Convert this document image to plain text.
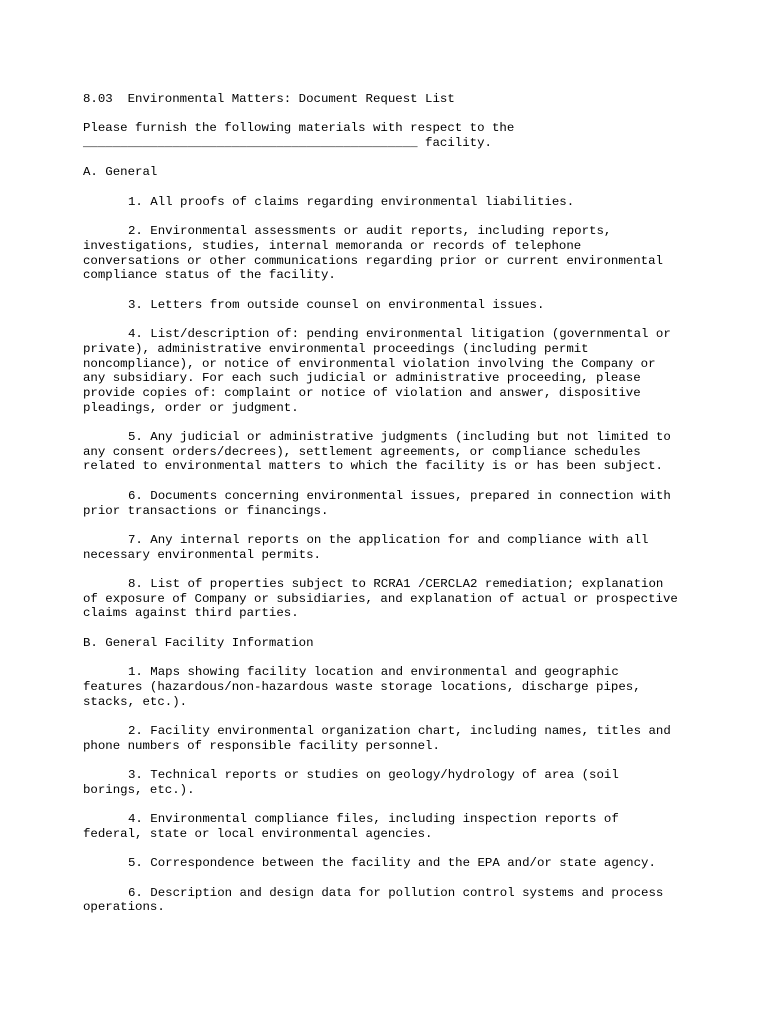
8.03  Environmental Matters: Document Request List
Please furnish the following materials with respect to the
_____________________________________________ facility.
A. General
1. All proofs of claims regarding environmental liabilities.
2. Environmental assessments or audit reports, including reports,
investigations, studies, internal memoranda or records of telephone
conversations or other communications regarding prior or current environmental
compliance status of the facility.
3. Letters from outside counsel on environmental issues.
4. List/description of: pending environmental litigation (governmental or
private), administrative environmental proceedings (including permit
noncompliance), or notice of environmental violation involving the Company or
any subsidiary. For each such judicial or administrative proceeding, please
provide copies of: complaint or notice of violation and answer, dispositive
pleadings, order or judgment.
5. Any judicial or administrative judgments (including but not limited to
any consent orders/decrees), settlement agreements, or compliance schedules
related to environmental matters to which the facility is or has been subject.
6. Documents concerning environmental issues, prepared in connection with
prior transactions or financings.
7. Any internal reports on the application for and compliance with all
necessary environmental permits.
8. List of properties subject to RCRA1 /CERCLA2 remediation; explanation
of exposure of Company or subsidiaries, and explanation of actual or prospective
claims against third parties.
B. General Facility Information
1. Maps showing facility location and environmental and geographic
features (hazardous/non-hazardous waste storage locations, discharge pipes,
stacks, etc.).
2. Facility environmental organization chart, including names, titles and
phone numbers of responsible facility personnel.
3. Technical reports or studies on geology/hydrology of area (soil
borings, etc.).
4. Environmental compliance files, including inspection reports of
federal, state or local environmental agencies.
5. Correspondence between the facility and the EPA and/or state agency.
6. Description and design data for pollution control systems and process
operations.
